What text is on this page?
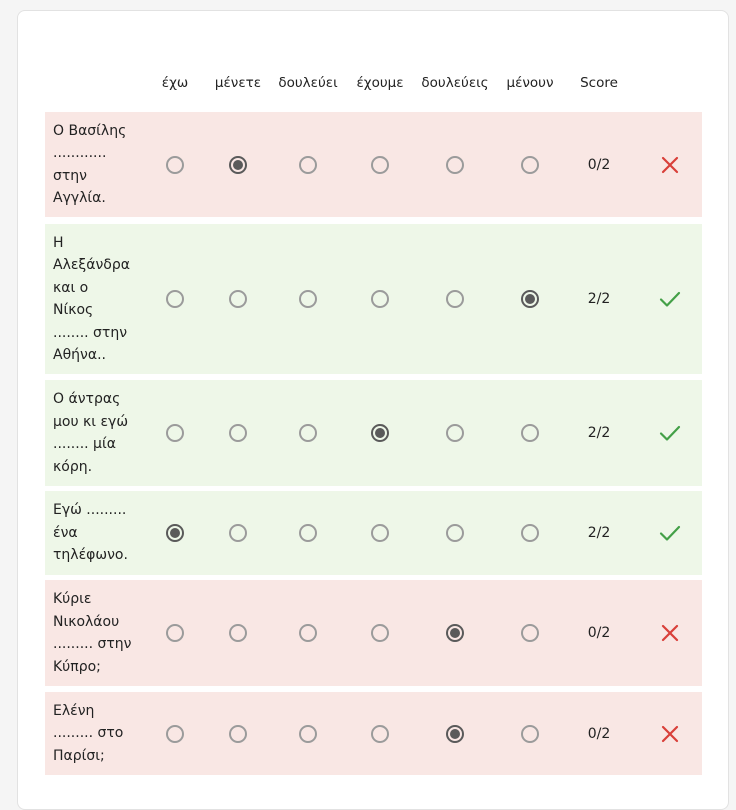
έχω μένετε δουλεύει έχουμε δουλεύεις μένουν Score
Ο Βασίλης
............
στην
Αγγλία.
0/2
Η
Αλεξάνδρα
και ο
Νίκος
........ στην
Αθήνα..
2/2
Ο άντρας
μου κι εγώ
........ μία
κόρη.
2/2
Εγώ .........
ένα
τηλέφωνο.
2/2
Κύριε
Νικολάου
......... στην
Κύπρο;
0/2
Ελένη
......... στο
Παρίσι;
0/2
